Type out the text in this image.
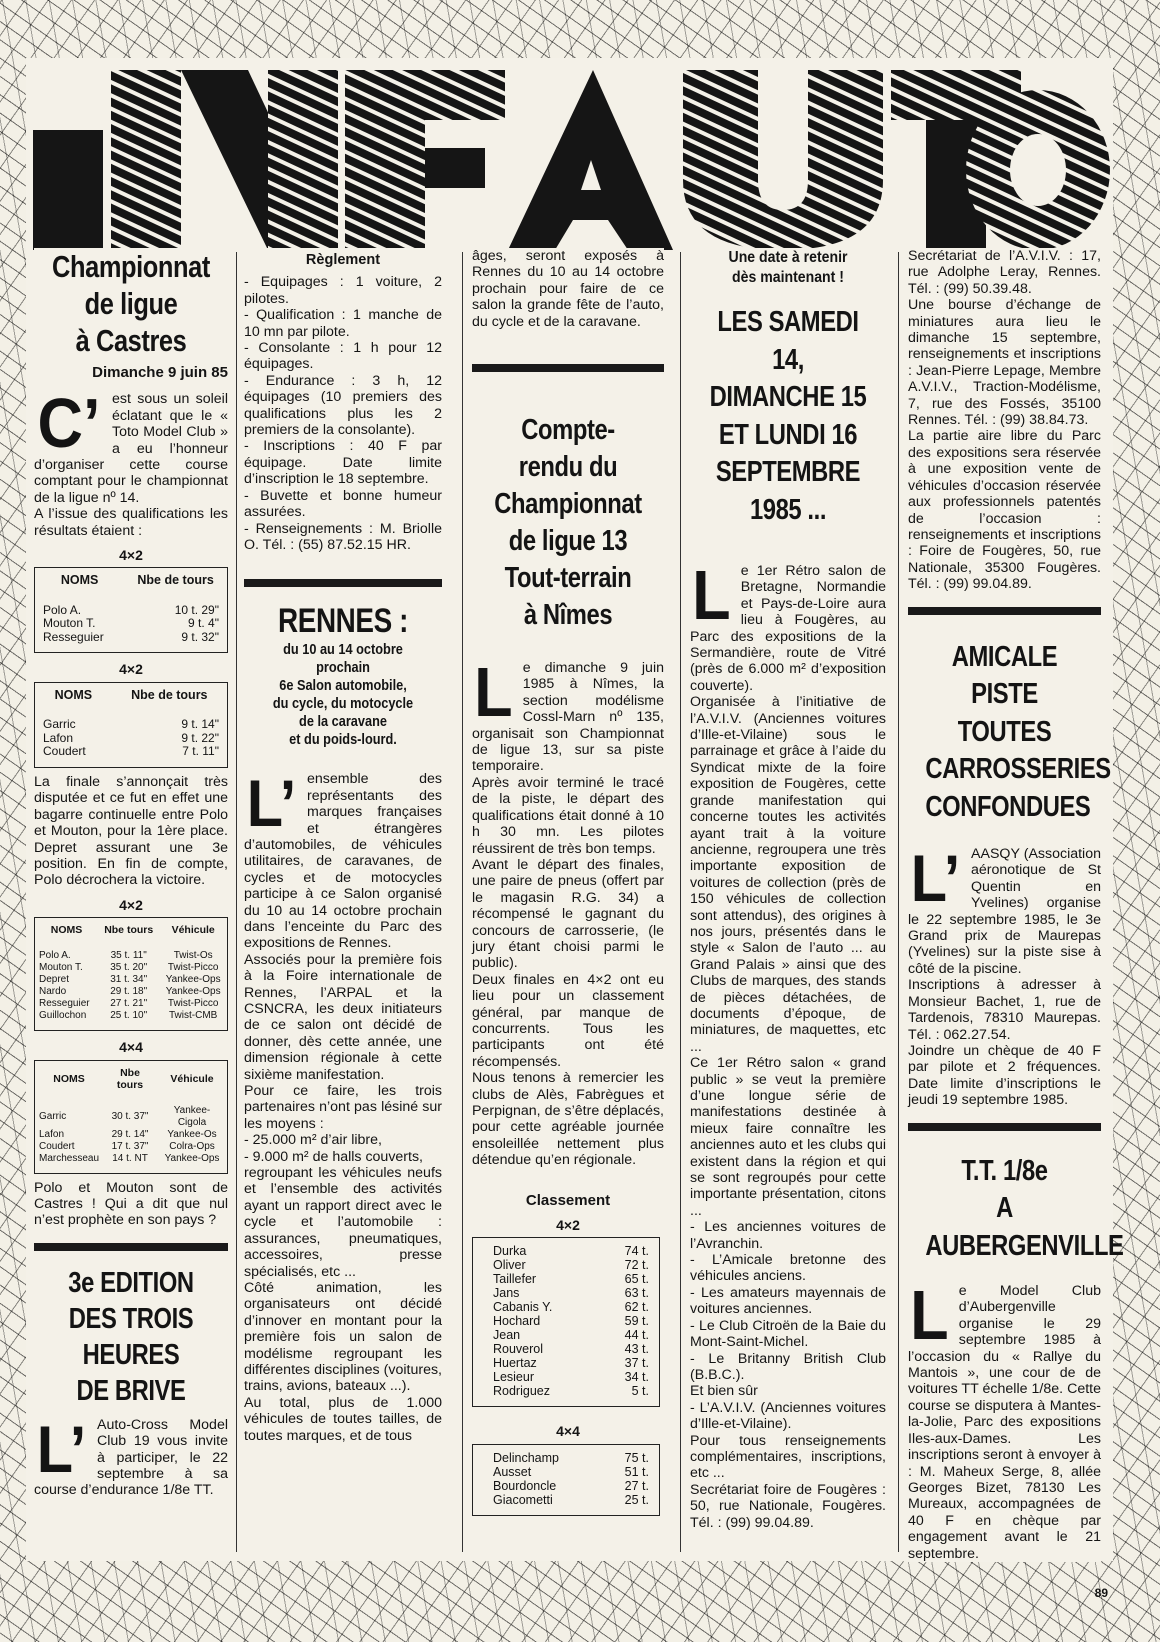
Championnat
de ligue
à Castres
Dimanche 9 juin 85

C’ est sous un soleil éclatant que le « Toto Model Club » a eu l’honneur d’organiser cette course comptant pour le championnat de la ligue nº 14.

A l’issue des qualifications les résultats étaient :

4×2
NOMS	Nbe de tours
Polo A.	10 t. 29"
Mouton T.	9 t. 4"
Resseguier	9 t. 32"
4×2
NOMS	Nbe de tours
Garric	9 t. 14"
Lafon	9 t. 22"
Coudert	7 t. 11"

La finale s’annonçait très disputée et ce fut en effet une bagarre continuelle entre Polo et Mouton, pour la 1ère place. Depret assurant une 3e position. En fin de compte, Polo décrochera la victoire.

4×2
NOMS	Nbe tours	Véhicule
Polo A.	35 t. 11"	Twist-Os
Mouton T.	35 t. 20"	Twist-Picco
Depret	31 t. 34"	Yankee-Ops
Nardo	29 t. 18"	Yankee-Ops
Resseguier	27 t. 21"	Twist-Picco
Guillochon	25 t. 10"	Twist-CMB
4×4
NOMS	Nbe tours	Véhicule
Garric	30 t. 37"	Yankee-Cigola
Lafon	29 t. 14"	Yankee-Os
Coudert	17 t. 37"	Colra-Ops
Marchesseau	14 t. NT	Yankee-Ops

Polo et Mouton sont de Castres ! Qui a dit que nul n’est prophète en son pays ?

3e EDITION
DES TROIS HEURES
DE BRIVE

L’ Auto-Cross Model Club 19 vous invite à participer, le 22 septembre à sa course d’endurance 1/8e TT.

Règlement

- Equipages : 1 voiture, 2 pilotes.

- Qualification : 1 manche de 10 mn par pilote.

- Consolante : 1 h pour 12 équipages.

- Endurance : 3 h, 12 équipages (10 premiers des qualifications plus les 2 premiers de la consolante).

- Inscriptions : 40 F par équipage. Date limite d’inscription le 18 septembre.

- Buvette et bonne humeur assurées.

- Renseignements : M. Briolle O. Tél. : (55) 87.52.15 HR.

RENNES :
du 10 au 14 octobre prochain
6e Salon automobile,
du cycle, du motocycle
de la caravane
et du poids-lourd.

L’ ensemble des représentants des marques françaises et étrangères d’automobiles, de véhicules utilitaires, de caravanes, de cycles et de motocycles participe à ce Salon organisé du 10 au 14 octobre prochain dans l’enceinte du Parc des expositions de Rennes.

Associés pour la première fois à la Foire internationale de Rennes, l’ARPAL et la CSNCRA, les deux initiateurs de ce salon ont décidé de donner, dès cette année, une dimension régionale à cette sixième manifestation.

Pour ce faire, les trois partenaires n’ont pas lésiné sur les moyens :

- 25.000 m² d’air libre,

- 9.000 m² de halls couverts,

regroupant les véhicules neufs et l’ensemble des activités ayant un rapport direct avec le cycle et l’automobile : assurances, pneumatiques, accessoires, presse spécialisés, etc ...

Côté animation, les organisateurs ont décidé d’innover en montant pour la première fois un salon de modélisme regroupant les différentes disciplines (voitures, trains, avions, bateaux ...).

Au total, plus de 1.000 véhicules de toutes tailles, de toutes marques, et de tous

âges, seront exposés à Rennes du 10 au 14 octobre prochain pour faire de ce salon la grande fête de l’auto, du cycle et de la caravane.

Compte-rendu du
Championnat
de ligue 13
Tout-terrain
à Nîmes

Le dimanche 9 juin 1985 à Nîmes, la section modélisme Cossl-Marn nº 135, organisait son Championnat de ligue 13, sur sa piste temporaire.

Après avoir terminé le tracé de la piste, le départ des qualifications était donné à 10 h 30 mn. Les pilotes réussirent de très bon temps.

Avant le départ des finales, une paire de pneus (offert par le magasin R.G. 34) a récompensé le gagnant du concours de carrosserie, (le jury étant choisi parmi le public).

Deux finales en 4×2 ont eu lieu pour un classement général, par manque de concurrents. Tous les participants ont été récompensés.

Nous tenons à remercier les clubs de Alès, Fabrègues et Perpignan, de s’être déplacés, pour cette agréable journée ensoleillée nettement plus détendue qu’en régionale.

Classement
4×2
Durka	74 t.
Oliver	72 t.
Taillefer	65 t.
Jans	63 t.
Cabanis Y.	62 t.
Hochard	59 t.
Jean	44 t.
Rouverol	43 t.
Huertaz	37 t.
Lesieur	34 t.
Rodriguez	5 t.
4×4
Delinchamp	75 t.
Ausset	51 t.
Bourdoncle	27 t.
Giacometti	25 t.
Une date à retenir
dès maintenant !
LES SAMEDI 14,
DIMANCHE 15
ET LUNDI 16
SEPTEMBRE
1985 ...

Le 1er Rétro salon de Bretagne, Normandie et Pays-de-Loire aura lieu à Fougères, au Parc des expositions de la Sermandière, route de Vitré (près de 6.000 m² d’exposition couverte).

Organisée à l’initiative de l’A.V.I.V. (Anciennes voitures d’Ille-et-Vilaine) sous le parrainage et grâce à l’aide du Syndicat mixte de la foire exposition de Fougères, cette grande manifestation qui concerne toutes les activités ayant trait à la voiture ancienne, regroupera une très importante exposition de voitures de collection (près de 150 véhicules de collection sont attendus), des origines à nos jours, présentés dans le style « Salon de l’auto ... au Grand Palais » ainsi que des Clubs de marques, des stands de pièces détachées, de documents d’époque, de miniatures, de maquettes, etc ...

Ce 1er Rétro salon « grand public » se veut la première d’une longue série de manifestations destinée à mieux faire connaître les anciennes auto et les clubs qui existent dans la région et qui se sont regroupés pour cette importante présentation, citons ...

- Les anciennes voitures de l’Avranchin.

- L’Amicale bretonne des véhicules anciens.

- Les amateurs mayennais de voitures anciennes.

- Le Club Citroën de la Baie du Mont-Saint-Michel.

- Le Britanny British Club (B.B.C.).

Et bien sûr

- L’A.V.I.V. (Anciennes voitures d’Ille-et-Vilaine).

Pour tous renseignements complémentaires, inscriptions, etc ...

Secrétariat foire de Fougères : 50, rue Nationale, Fougères. Tél. : (99) 99.04.89.

Secrétariat de l’A.V.I.V. : 17, rue Adolphe Leray, Rennes. Tél. : (99) 50.39.48.

Une bourse d’échange de miniatures aura lieu le dimanche 15 septembre, renseignements et inscriptions : Jean-Pierre Lepage, Membre A.V.I.V., Traction-Modélisme, 7, rue des Fossés, 35100 Rennes. Tél. : (99) 38.84.73.

La partie aire libre du Parc des expositions sera réservée à une exposition vente de véhicules d’occasion réservée aux professionnels patentés de l’occasion : renseignements et inscriptions : Foire de Fougères, 50, rue Nationale, 35300 Fougères. Tél. : (99) 99.04.89.

AMICALE PISTE
TOUTES
CARROSSERIES
CONFONDUES

L’ AASQY (Association aéronotique de St Quentin en Yvelines) organise le 22 septembre 1985, le 3e Grand prix de Maurepas (Yvelines) sur la piste sise à côté de la piscine.

Inscriptions à adresser à Monsieur Bachet, 1, rue de Tardenois, 78310 Maurepas. Tél. : 062.27.54.

Joindre un chèque de 40 F par pilote et 2 fréquences. Date limite d’inscriptions le jeudi 19 septembre 1985.

T.T. 1/8e
A AUBERGENVILLE

Le Model Club d’Aubergenville organise le 29 septembre 1985 à l’occasion du « Rallye du Mantois », une cour de de voitures TT échelle 1/8e. Cette course se disputera à Mantes-la-Jolie, Parc des expositions Iles-aux-Dames. Les inscriptions seront à envoyer à : M. Maheux Serge, 8, allée Georges Bizet, 78130 Les Mureaux, accompagnées de 40 F en chèque par engagement avant le 21 septembre.

89
